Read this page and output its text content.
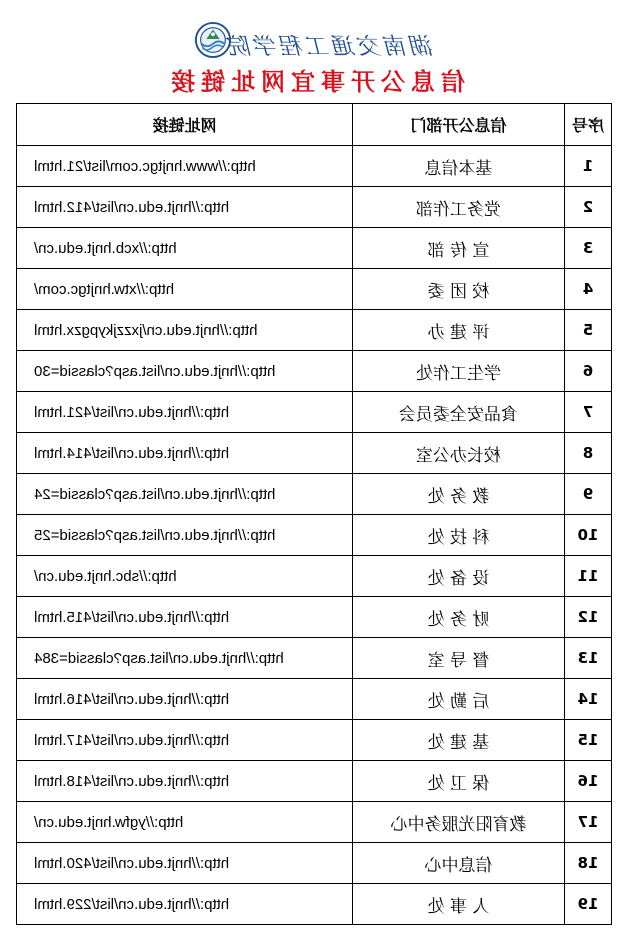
湖南交通工程学院
信息公开事宜网址链接
序号	信息公开部门	网址链接
1	基本信息	http://www.hnjtgc.com/list/21.html
2	党务工作部	http://hnjt.edu.cn/list/412.html
3	宣 传 部	http://xcb.hnjt.edu.cn/
4	校 团 委	http://xtw.hnjtgc.com/
5	评 建 办	http://hnjt.edu.cn/jxzzjkypgzx.html
6	学生工作处	http://hnjt.edu.cn/list.asp?classid=30
7	食品安全委员会	http://hnjt.edu.cn/list/421.html
8	校长办公室	http://hnjt.edu.cn/list/414.html
9	教 务 处	http://hnjt.edu.cn/list.asp?classid=24
10	科 技 处	http://hnjt.edu.cn/list.asp?classid=25
11	设 备 处	http://sbc.hnjt.edu.cn/
12	财 务 处	http://hnjt.edu.cn/list/415.html
13	督 导 室	http://hnjt.edu.cn/list.asp?classid=384
14	后 勤 处	http://hnjt.edu.cn/list/416.html
15	基 建 处	http://hnjt.edu.cn/list/417.html
16	保 卫 处	http://hnjt.edu.cn/list/418.html
17	教育阳光服务中心	http://ygfw.hnjt.edu.cn/
18	信息中心	http://hnjt.edu.cn/list/420.html
19	人 事 处	http://hnjt.edu.cn/list/229.html
